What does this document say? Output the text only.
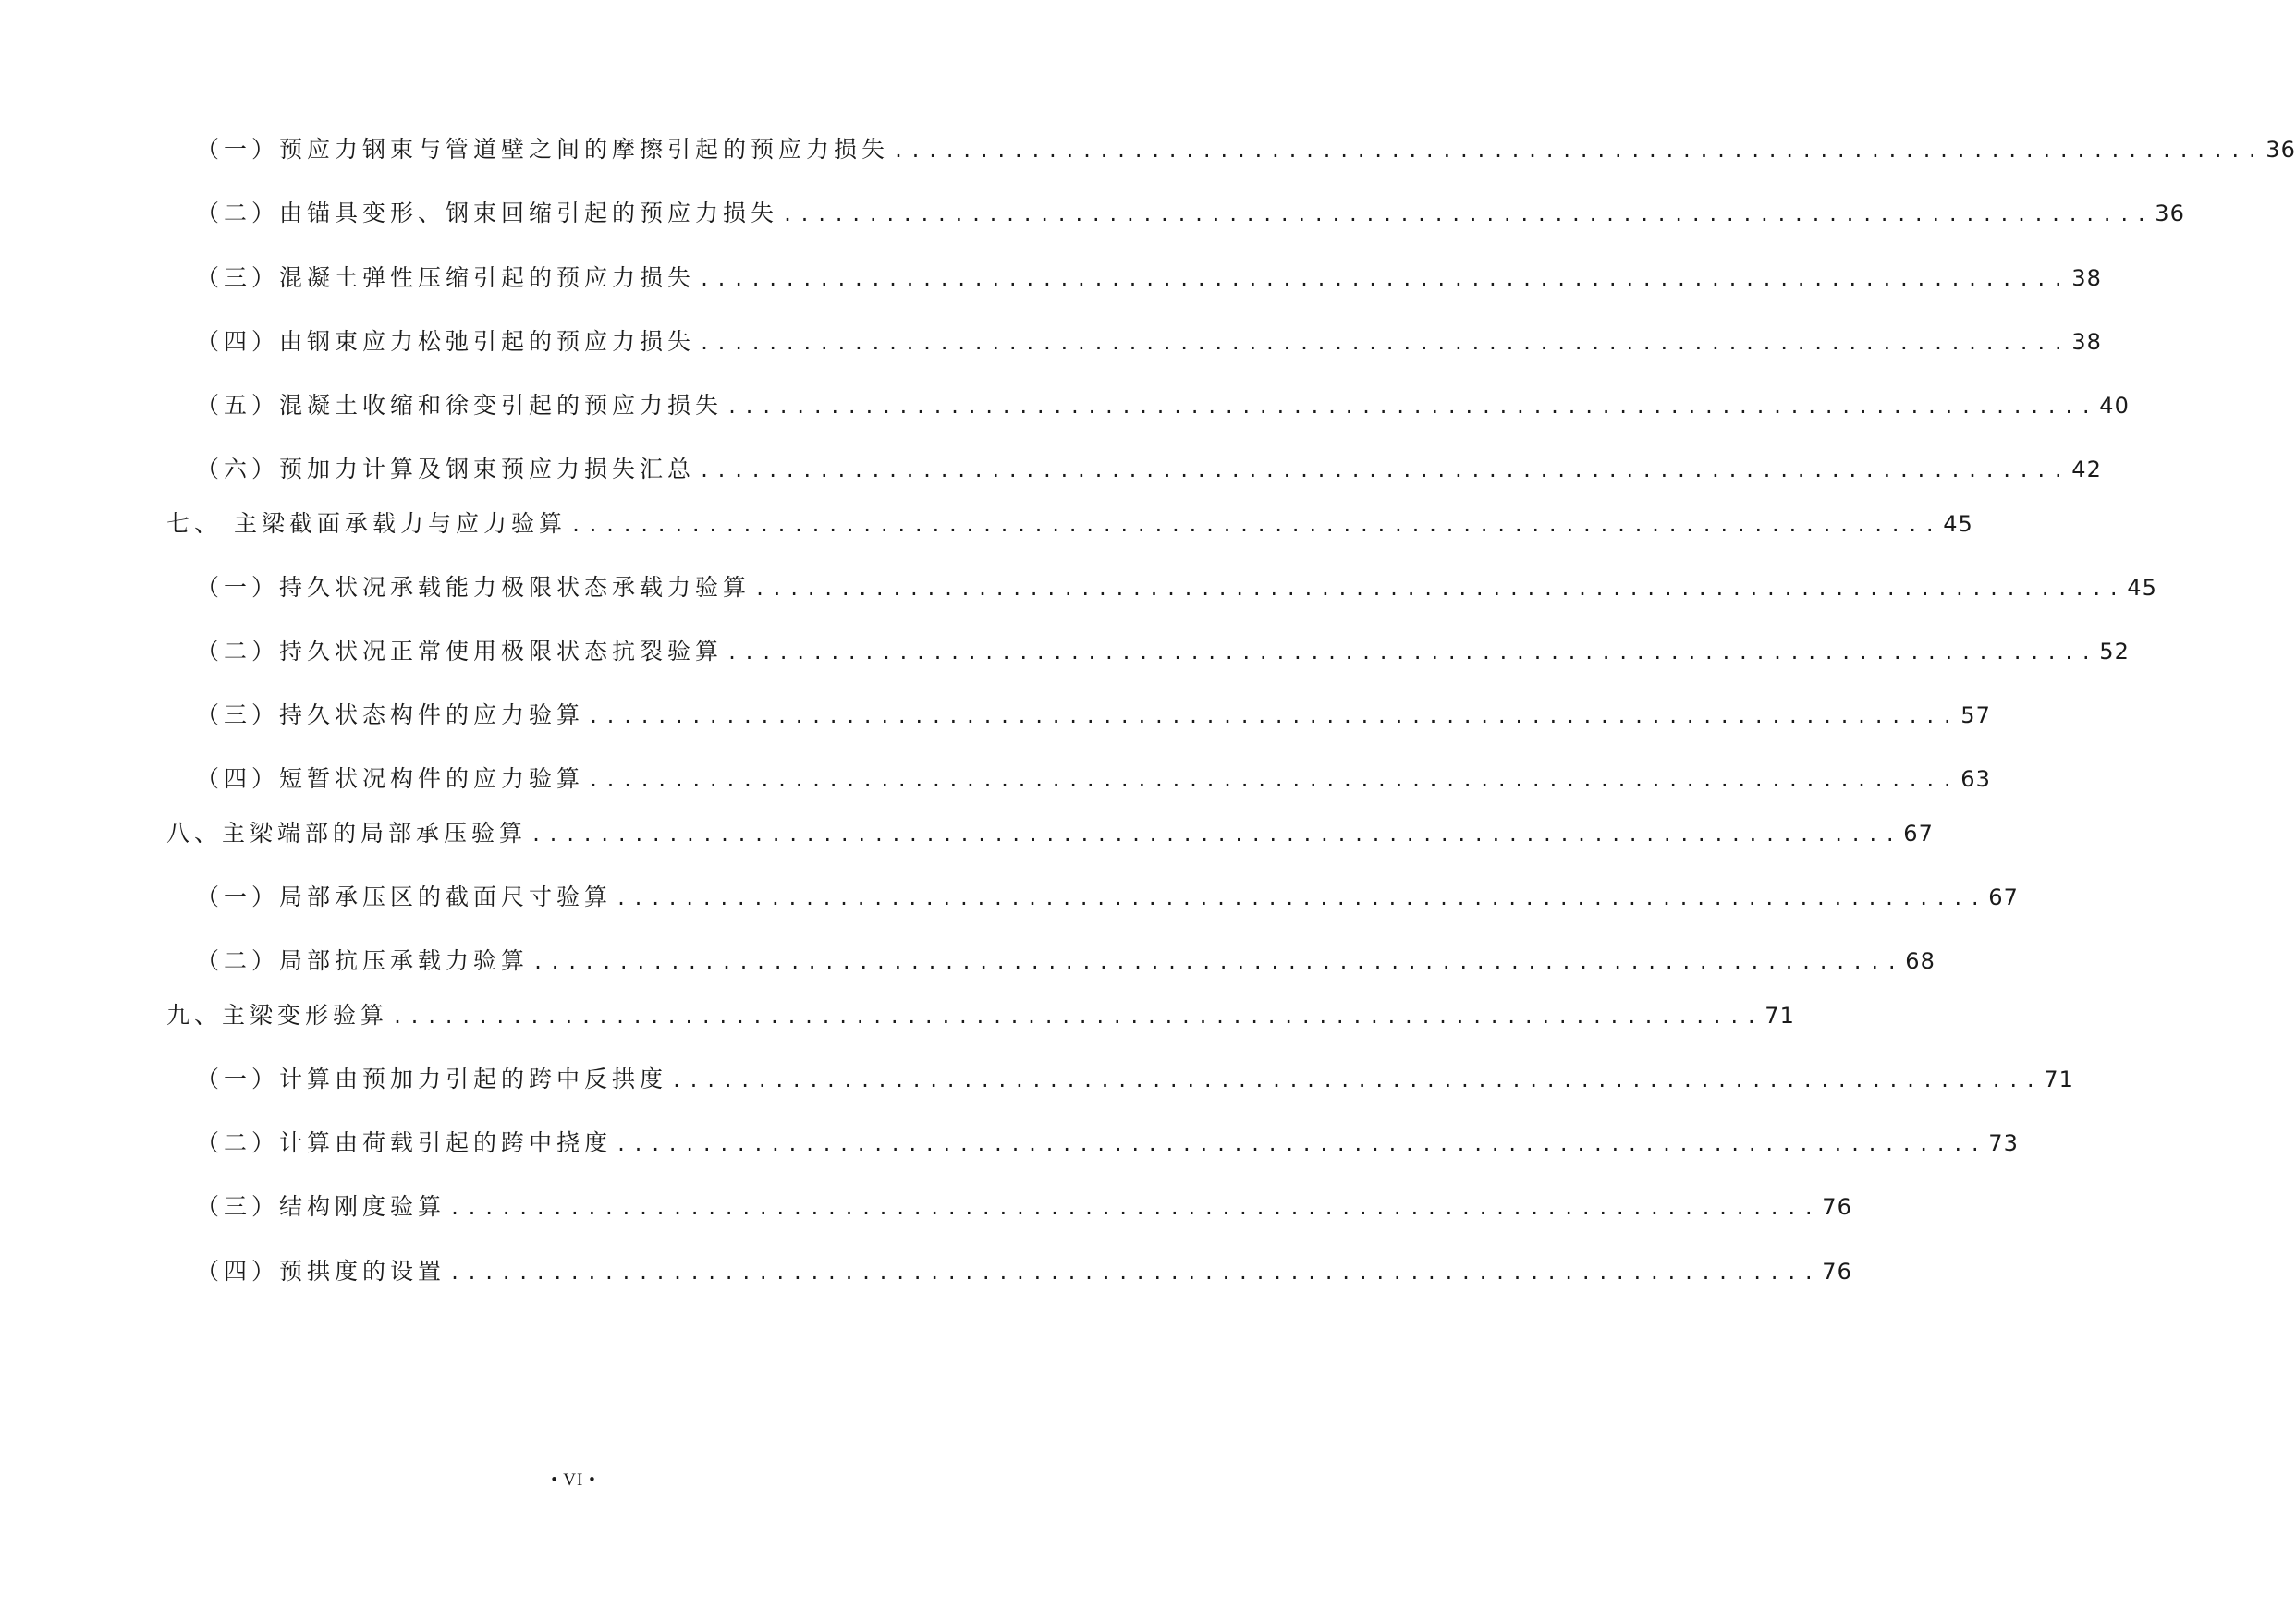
（一）预应力钢束与管道壁之间的摩擦引起的预应力损失 ................................................................................ 36
（二）由锚具变形、钢束回缩引起的预应力损失 ................................................................................ 36
（三）混凝土弹性压缩引起的预应力损失 ................................................................................ 38
（四）由钢束应力松弛引起的预应力损失 ................................................................................ 38
（五）混凝土收缩和徐变引起的预应力损失 ................................................................................ 40
（六）预加力计算及钢束预应力损失汇总 ................................................................................ 42
七、 主梁截面承载力与应力验算 ................................................................................ 45
（一）持久状况承载能力极限状态承载力验算 ................................................................................ 45
（二）持久状况正常使用极限状态抗裂验算 ................................................................................ 52
（三）持久状态构件的应力验算 ................................................................................ 57
（四）短暂状况构件的应力验算 ................................................................................ 63
八、主梁端部的局部承压验算 ................................................................................ 67
（一）局部承压区的截面尺寸验算 ................................................................................ 67
（二）局部抗压承载力验算 ................................................................................ 68
九、主梁变形验算 ................................................................................ 71
（一）计算由预加力引起的跨中反拱度 ................................................................................ 71
（二）计算由荷载引起的跨中挠度 ................................................................................ 73
（三）结构刚度验算 ................................................................................ 76
（四）预拱度的设置 ................................................................................ 76
• VI •
